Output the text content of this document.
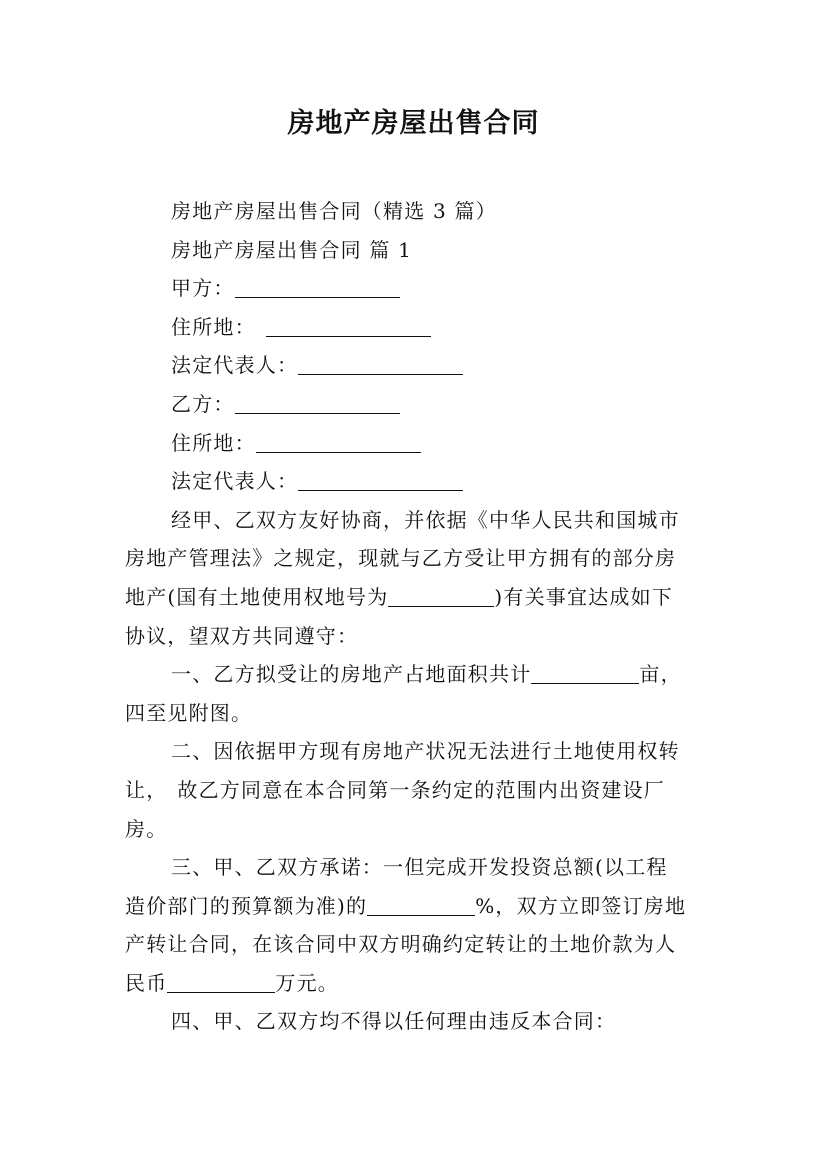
房地产房屋出售合同

房地产房屋出售合同（精选 3 篇）

房地产房屋出售合同 篇 1

甲方：

住所地：

法定代表人：

乙方：

住所地：

法定代表人：

经甲、乙双方友好协商，并依据《中华人民共和国城市

房地产管理法》之规定，现就与乙方受让甲方拥有的部分房

地产(国有土地使用权地号为	)有关事宜达成如下

协议，望双方共同遵守：

一、乙方拟受让的房地产占地面积共计	亩，

四至见附图。

二、因依据甲方现有房地产状况无法进行土地使用权转

让， 故乙方同意在本合同第一条约定的范围内出资建设厂

房。

三、甲、乙双方承诺：一但完成开发投资总额(以工程

造价部门的预算额为准)的	%，双方立即签订房地

产转让合同，在该合同中双方明确约定转让的土地价款为人

民币	万元。

四、甲、乙双方均不得以任何理由违反本合同：
